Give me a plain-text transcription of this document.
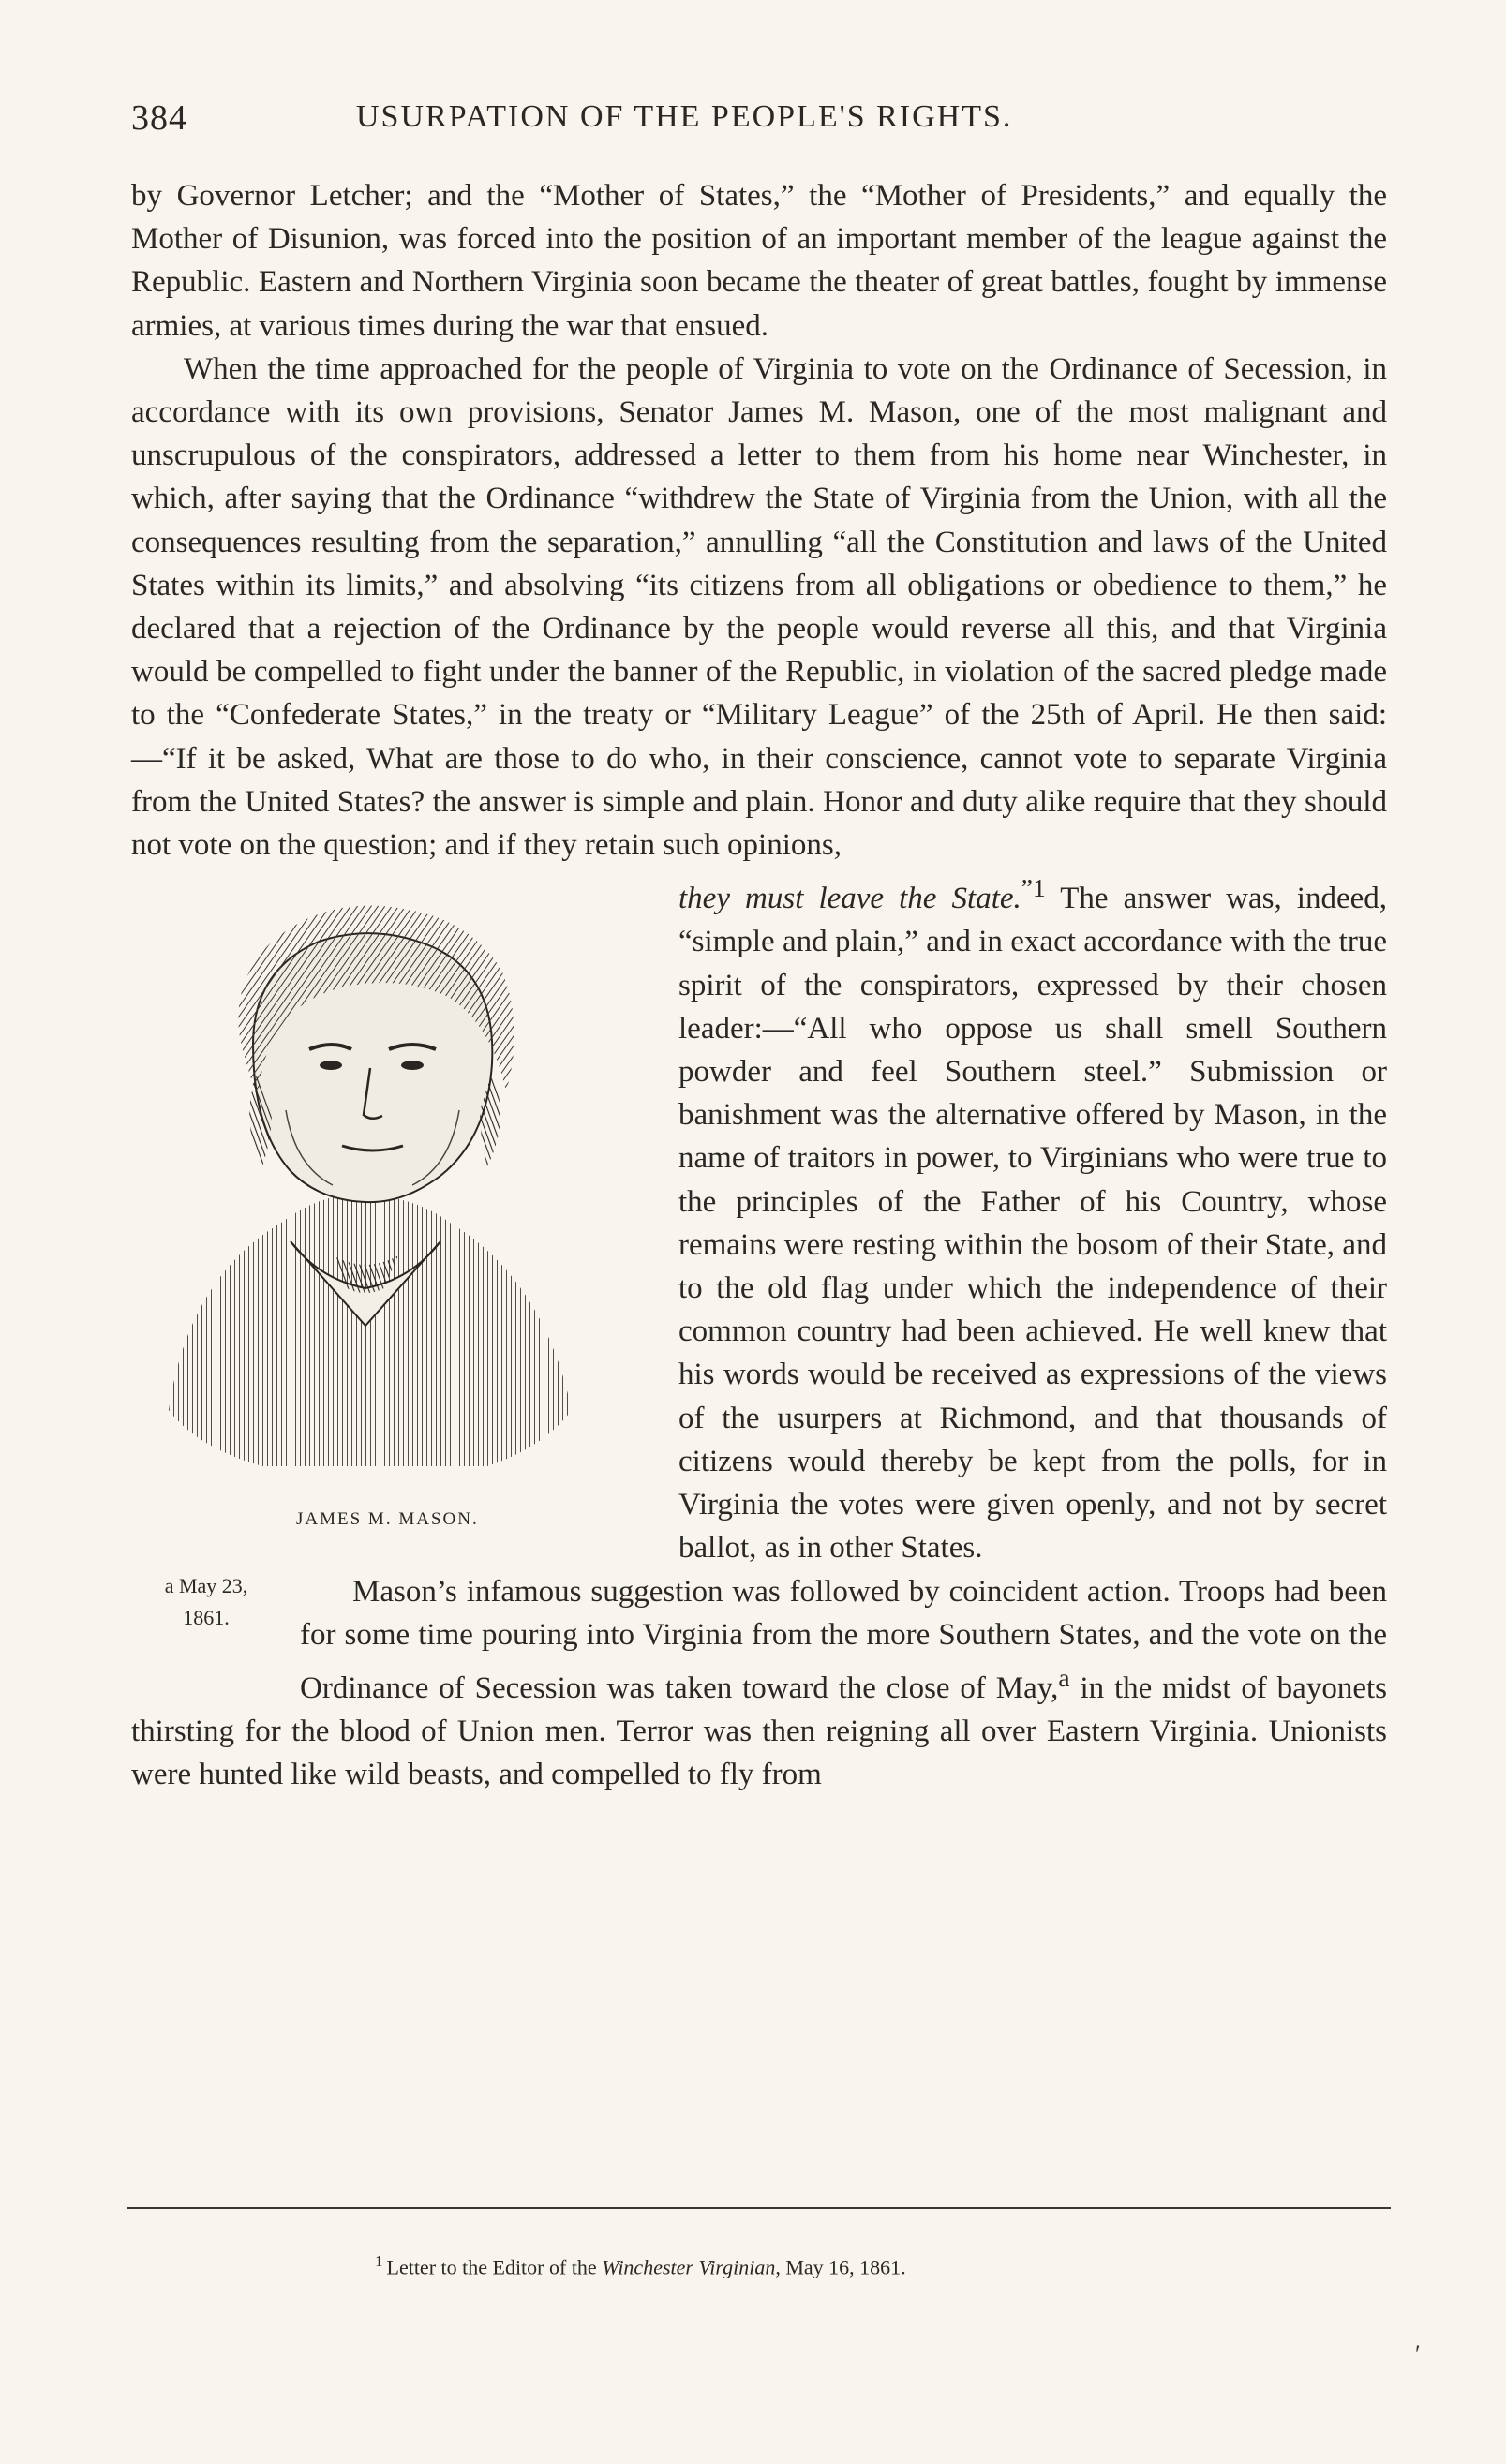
384	USURPATION OF THE PEOPLE'S RIGHTS.

by Governor Letcher; and the “Mother of States,” the “Mother of Presidents,” and equally the Mother of Disunion, was forced into the position of an important member of the league against the Republic. Eastern and Northern Virginia soon became the theater of great battles, fought by immense armies, at various times during the war that ensued.

When the time approached for the people of Virginia to vote on the Ordinance of Secession, in accordance with its own provisions, Senator James M. Mason, one of the most malignant and unscrupulous of the conspirators, addressed a letter to them from his home near Winchester, in which, after saying that the Ordinance “withdrew the State of Virginia from the Union, with all the consequences resulting from the separation,” annulling “all the Constitution and laws of the United States within its limits,” and absolving “its citizens from all obligations or obedience to them,” he declared that a rejection of the Ordinance by the people would reverse all this, and that Virginia would be compelled to fight under the banner of the Republic, in violation of the sacred pledge made to the “Confederate States,” in the treaty or “Military League” of the 25th of April. He then said:—“If it be asked, What are those to do who, in their conscience, cannot vote to separate Virginia from the United States? the answer is simple and plain. Honor and duty alike require that they should not vote on the question; and if they retain such opinions,

JAMES M. MASON.

they must leave the State.$^{”1}$ The answer was, indeed, “simple and plain,” and in exact accordance with the true spirit of the conspirators, expressed by their chosen leader:—“All who oppose us shall smell Southern powder and feel Southern steel.” Submission or banishment was the alternative offered by Mason, in the name of traitors in power, to Virginians who were true to the principles of the Father of his Country, whose remains were resting within the bosom of their State, and to the old flag under which the independence of their common country had been achieved. He well knew that his words would be received as expressions of the views of the usurpers at Richmond, and that thousands of citizens would thereby be kept from the polls, for in Virginia the votes were given openly, and not by secret ballot, as in other States.

a May 23,
1861.

Mason’s infamous suggestion was followed by coincident action. Troops had been for some time pouring into Virginia from the more Southern States, and the vote on the Ordinance of Secession was taken toward the close of May,$^a$ in the midst of bayonets thirsting for the blood of Union men. Terror was then reigning all over Eastern Virginia. Unionists were hunted like wild beasts, and compelled to fly from

$^1$ Letter to the Editor of the Winchester Virginian, May 16, 1861.
′
